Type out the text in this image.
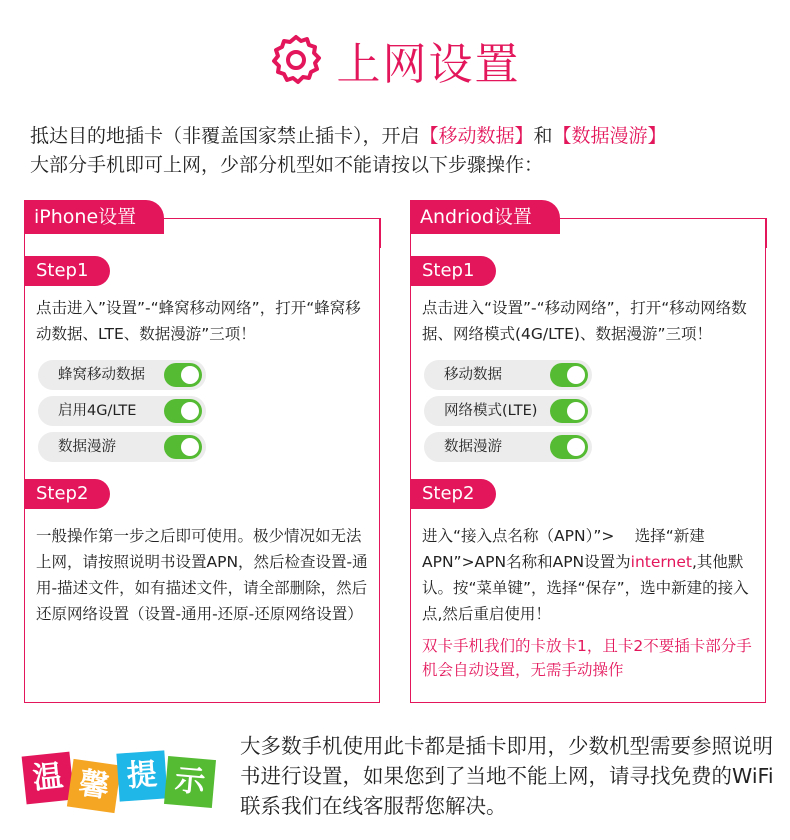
上网设置
抵达目的地插卡（非覆盖国家禁止插卡），开启【移动数据】和【数据漫游】
大部分手机即可上网，少部分机型如不能请按以下步骤操作：
iPhone设置
Step1
点击进入”设置”-“蜂窝移动网络”，打开“蜂窝移动数据、LTE、数据漫游”三项！
蜂窝移动数据
启用4G/LTE
数据漫游
Step2
一般操作第一步之后即可使用。极少情况如无法上网，请按照说明书设置APN，然后检查设置-通用-描述文件，如有描述文件，请全部删除，然后还原网络设置（设置-通用-还原-还原网络设置）
Andriod设置
Step1
点击进入“设置”-“移动网络”，打开“移动网络数据、网络模式(4G/LTE)、数据漫游”三项！
移动数据
网络模式(LTE)
数据漫游
Step2
进入“接入点名称（APN）”>　 选择“新建APN”>APN名称和APN设置为internet,其他默认。按“菜单键”，选择“保存”，选中新建的接入点,然后重启使用！
双卡手机我们的卡放卡1，且卡2不要插卡部分手机会自动设置，无需手动操作
温 馨 提 示
大多数手机使用此卡都是插卡即用，少数机型需要参照说明书进行设置，如果您到了当地不能上网，请寻找免费的WiFi联系我们在线客服帮您解决。
